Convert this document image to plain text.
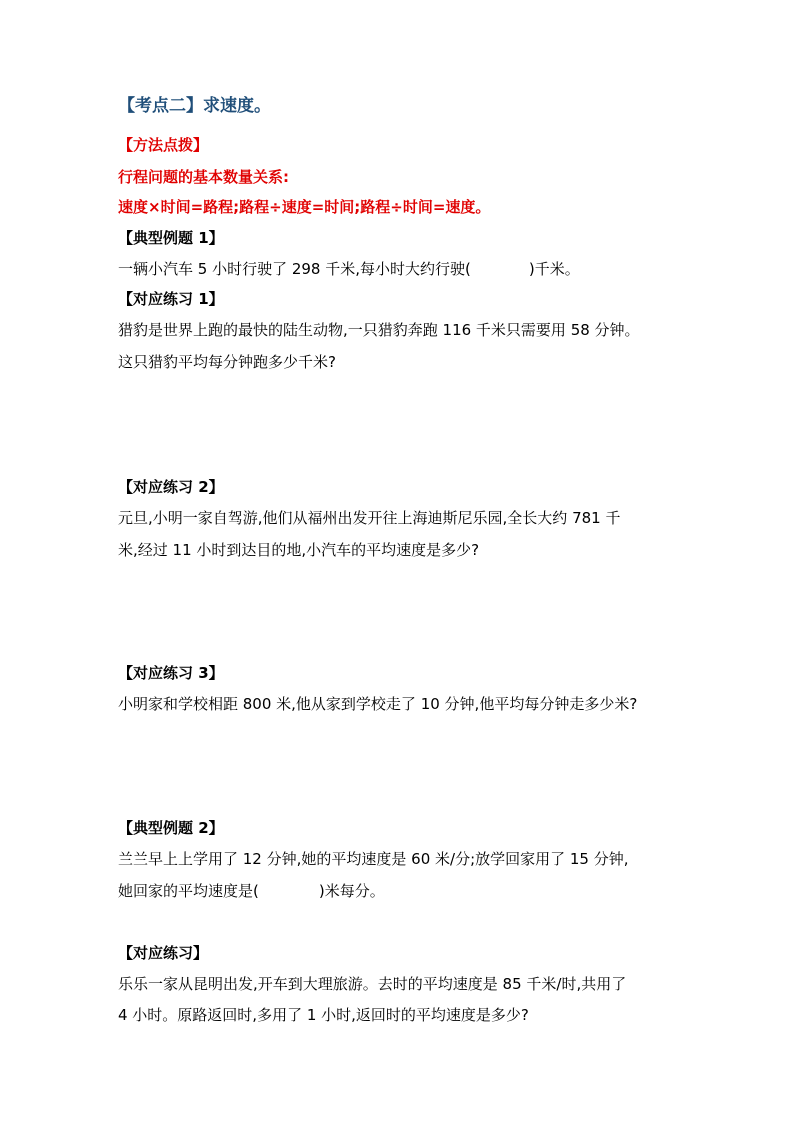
【考点二】求速度。
【方法点拨】
行程问题的基本数量关系:
速度×时间=路程;路程÷速度=时间;路程÷时间=速度。
【典型例题 1】
一辆小汽车 5 小时行驶了 298 千米,每小时大约行驶(	)千米。
【对应练习 1】
猎豹是世界上跑的最快的陆生动物,一只猎豹奔跑 116 千米只需要用 58 分钟。
这只猎豹平均每分钟跑多少千米?
【对应练习 2】
元旦,小明一家自驾游,他们从福州出发开往上海迪斯尼乐园,全长大约 781 千
米,经过 11 小时到达目的地,小汽车的平均速度是多少?
【对应练习 3】
小明家和学校相距 800 米,他从家到学校走了 10 分钟,他平均每分钟走多少米?
【典型例题 2】
兰兰早上上学用了 12 分钟,她的平均速度是 60 米/分;放学回家用了 15 分钟,
她回家的平均速度是(	)米每分。
【对应练习】
乐乐一家从昆明出发,开车到大理旅游。去时的平均速度是 85 千米/时,共用了
4 小时。原路返回时,多用了 1 小时,返回时的平均速度是多少?
